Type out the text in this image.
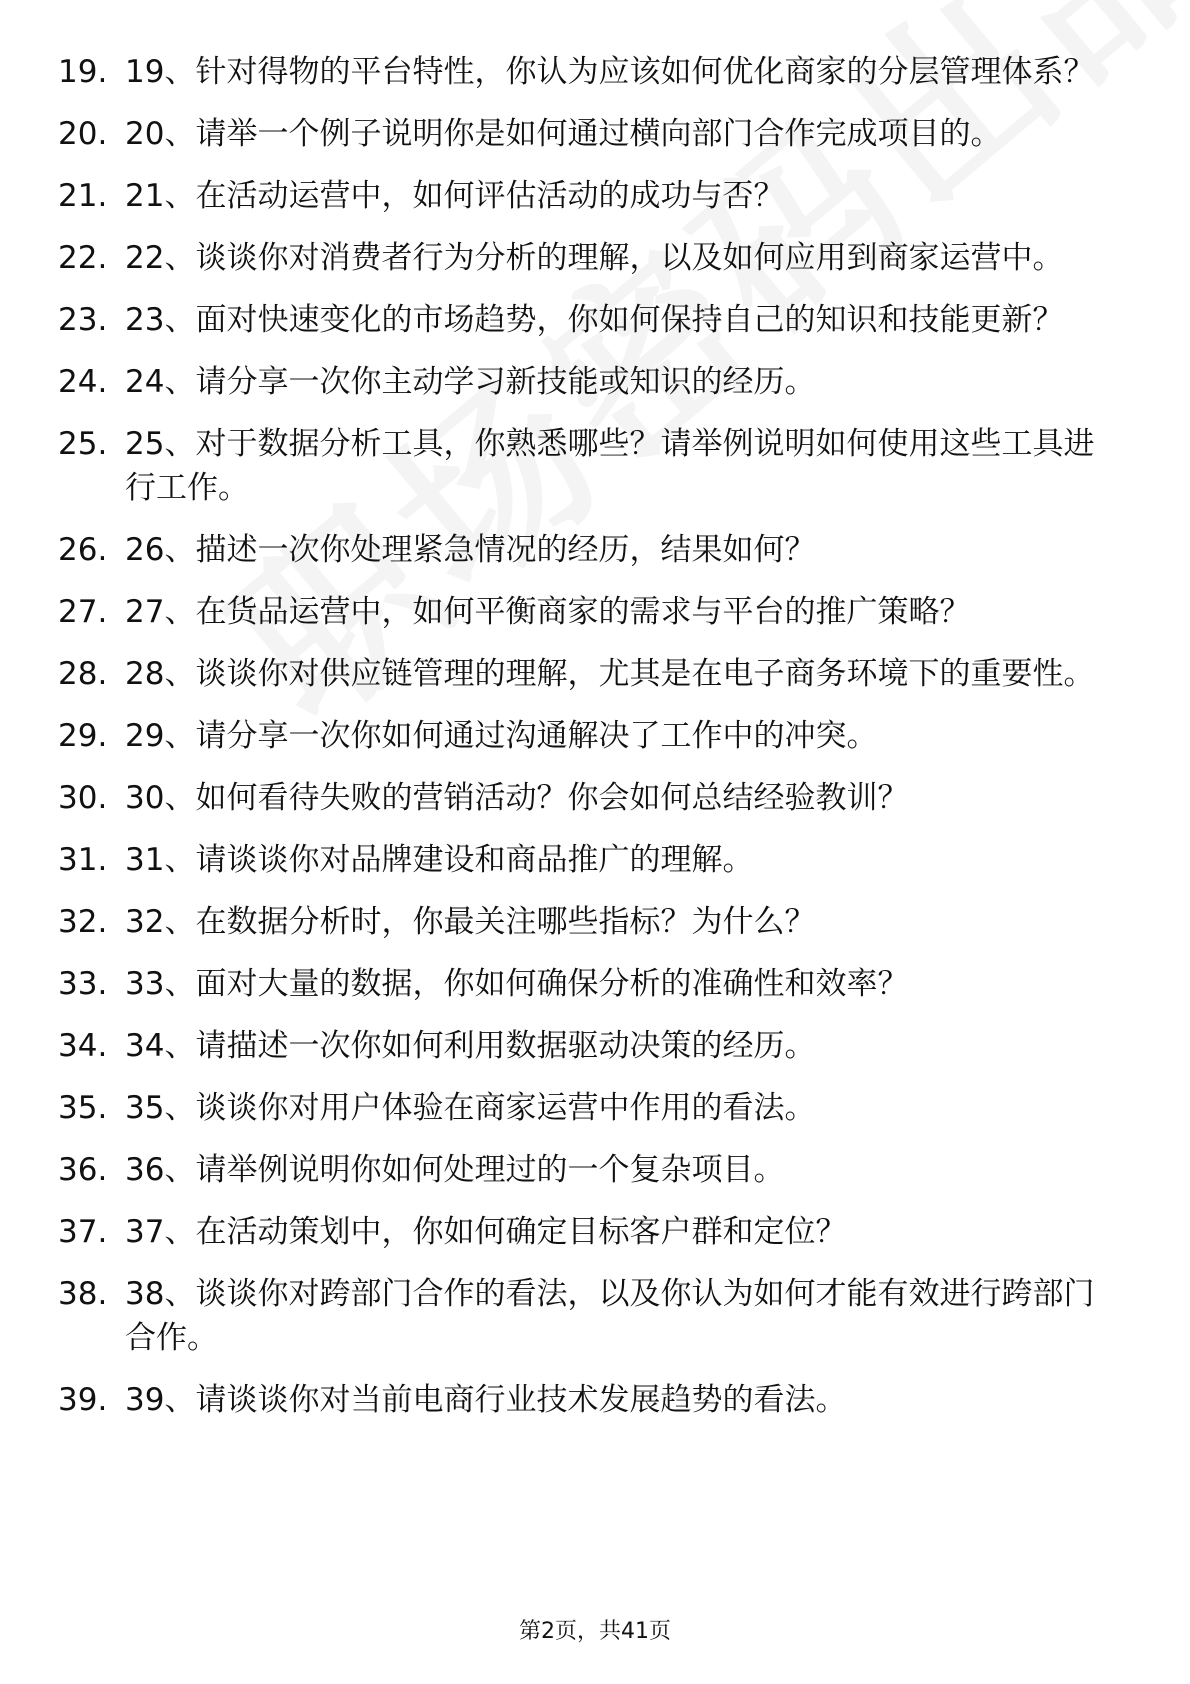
19. 19、针对得物的平台特性，你认为应该如何优化商家的分层管理体系？
20. 20、请举一个例子说明你是如何通过横向部门合作完成项目的。
21. 21、在活动运营中，如何评估活动的成功与否？
22. 22、谈谈你对消费者行为分析的理解，以及如何应用到商家运营中。
23. 23、面对快速变化的市场趋势，你如何保持自己的知识和技能更新？
24. 24、请分享一次你主动学习新技能或知识的经历。
25. 25、对于数据分析工具，你熟悉哪些？请举例说明如何使用这些工具进行工作。
26. 26、描述一次你处理紧急情况的经历，结果如何？
27. 27、在货品运营中，如何平衡商家的需求与平台的推广策略？
28. 28、谈谈你对供应链管理的理解，尤其是在电子商务环境下的重要性。
29. 29、请分享一次你如何通过沟通解决了工作中的冲突。
30. 30、如何看待失败的营销活动？你会如何总结经验教训？
31. 31、请谈谈你对品牌建设和商品推广的理解。
32. 32、在数据分析时，你最关注哪些指标？为什么？
33. 33、面对大量的数据，你如何确保分析的准确性和效率？
34. 34、请描述一次你如何利用数据驱动决策的经历。
35. 35、谈谈你对用户体验在商家运营中作用的看法。
36. 36、请举例说明你如何处理过的一个复杂项目。
37. 37、在活动策划中，你如何确定目标客户群和定位？
38. 38、谈谈你对跨部门合作的看法，以及你认为如何才能有效进行跨部门合作。
39. 39、请谈谈你对当前电商行业技术发展趋势的看法。
第2页，共41页
